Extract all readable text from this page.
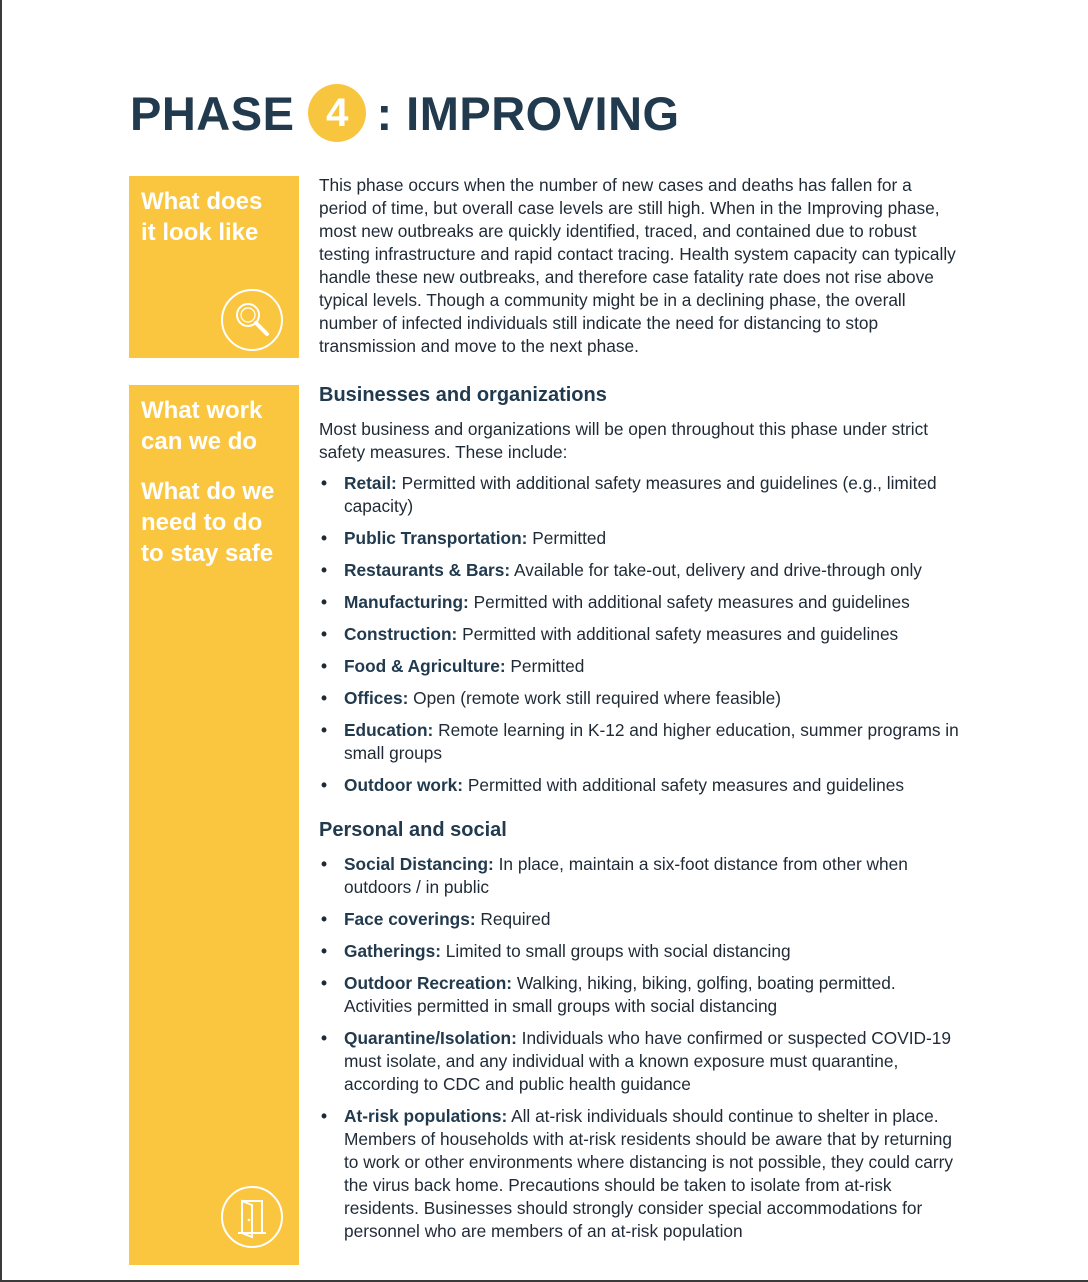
PHASE 4 : IMPROVING

What does
it look like

What work
can we do

What do we
need to do
to stay safe

This phase occurs when the number of new cases and deaths has fallen for a period of time, but overall case levels are still high. When in the Improving phase, most new outbreaks are quickly identified, traced, and contained due to robust testing infrastructure and rapid contact tracing. Health system capacity can typically handle these new outbreaks, and therefore case fatality rate does not rise above typical levels. Though a community might be in a declining phase, the overall number of infected individuals still indicate the need for distancing to stop transmission and move to the next phase.

Businesses and organizations

Most business and organizations will be open throughout this phase under strict safety measures. These include:

• Retail: Permitted with additional safety measures and guidelines (e.g., limited capacity)
• Public Transportation: Permitted
• Restaurants & Bars: Available for take-out, delivery and drive-through only
• Manufacturing: Permitted with additional safety measures and guidelines
• Construction: Permitted with additional safety measures and guidelines
• Food & Agriculture: Permitted
• Offices: Open (remote work still required where feasible)
• Education: Remote learning in K-12 and higher education, summer programs in small groups
• Outdoor work: Permitted with additional safety measures and guidelines
Personal and social
• Social Distancing: In place, maintain a six-foot distance from other when outdoors / in public
• Face coverings: Required
• Gatherings: Limited to small groups with social distancing
• Outdoor Recreation: Walking, hiking, biking, golfing, boating permitted. Activities permitted in small groups with social distancing
• Quarantine/Isolation: Individuals who have confirmed or suspected COVID-19 must isolate, and any individual with a known exposure must quarantine, according to CDC and public health guidance
• At-risk populations: All at-risk individuals should continue to shelter in place. Members of households with at-risk residents should be aware that by returning to work or other environments where distancing is not possible, they could carry the virus back home. Precautions should be taken to isolate from at-risk residents. Businesses should strongly consider special accommodations for personnel who are members of an at-risk population
